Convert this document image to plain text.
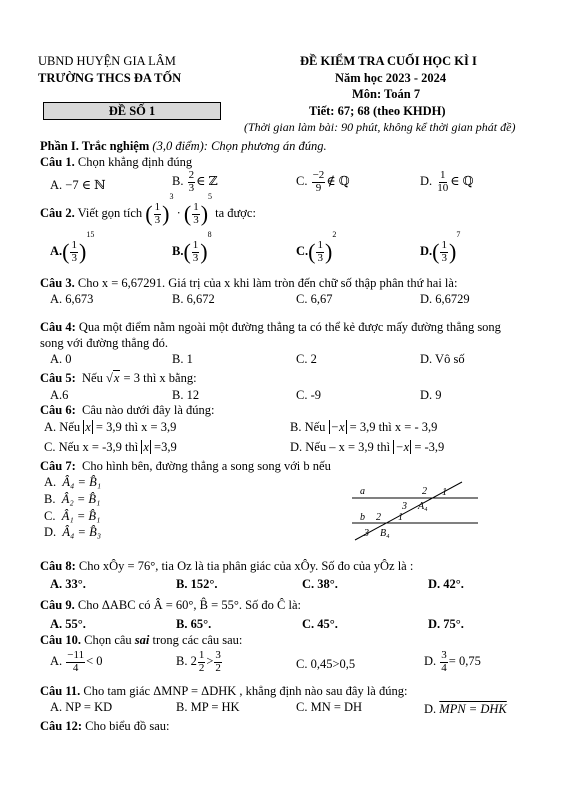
UBND HUYỆN GIA LÂM
TRƯỜNG THCS ĐA TỐN
ĐỀ KIỂM TRA CUỐI HỌC KÌ I
Năm học 2023 - 2024
Môn: Toán 7
ĐỀ SỐ 1	Tiết: 67; 68 (theo KHDH)
(Thời gian làm bài: 90 phút, không kể thời gian phát đề)
Phần I. Trắc nghiệm (3,0 điểm): Chọn phương án đúng.
Câu 1. Chọn khẳng định đúng
A. −7 ∈ ℕ	B. $\frac{2}{3}$ ∈ ℤ	C. $\frac{-2}{9}$ ∉ ℚ	D. $\frac{1}{10}$ ∈ ℚ
Câu 2. Viết gọn tích ( $\frac{1}{3} )^3$ · ( $\frac{1}{3} )^5$ ta được:
$A.( \frac{1}{3} )^{15}$
$B.( \frac{1}{3} )^8$
$C.( \frac{1}{3} )^2$
$D.( \frac{1}{3} )^7$
Câu 3. Cho x = 6,67291. Giá trị của x khi làm tròn đến chữ số thập phân thứ hai là:
A. 6,673	B. 6,672	C. 6,67	D. 6,6729
Câu 4: Qua một điểm nằm ngoài một đường thẳng ta có thể kẻ được mấy đường thẳng song
song với đường thẳng đó.
A. 0	B. 1	C. 2	D. Vô số
Câu 5: Nếu √x = 3 thì x bằng:
A.6	B. 12	C. -9	D. 9
Câu 6: Câu nào dưới đây là đúng:
A. Nếu x = 3,9 thì x = 3,9	B. Nếu −x = 3,9 thì x = - 3,9
C. Nếu x = -3,9 thì x =3,9	D. Nếu – x = 3,9 thì −x = -3,9
Câu 7: Cho hình bên, đường thẳng a song song với b nếu
A. Â₄ = B̂₁
B. Â₂ = B̂₁
C. Â₁ = B̂₁
D. Â₄ = B̂₃
a
b
2 1
3 A₄
2 1
3 B₄
Câu 8: Cho xÔy = 76°, tia Oz là tia phân giác của xÔy. Số đo của yÔz là :
A. 33°.	B. 152°.	C. 38°.	D. 42°.
Câu 9. Cho ΔABC có Â = 60°, B̂ = 55°. Số đo Ĉ là:
A. 55°.	B. 65°.	C. 45°.	D. 75°.
Câu 10. Chọn câu sai trong các câu sau:
A. $\frac{-11}{4} < 0$	B. $2 \frac{1}{2} > \frac{3}{2}$	C. 0,45>0,5	D. $\frac{3}{4} = 0,75$
Câu 11. Cho tam giác ΔMNP = ΔDHK , khẳng định nào sau đây là đúng:
A. NP = KD	B. MP = HK	C. MN = DH	D. MPN = DHK
Câu 12: Cho biểu đồ sau:
